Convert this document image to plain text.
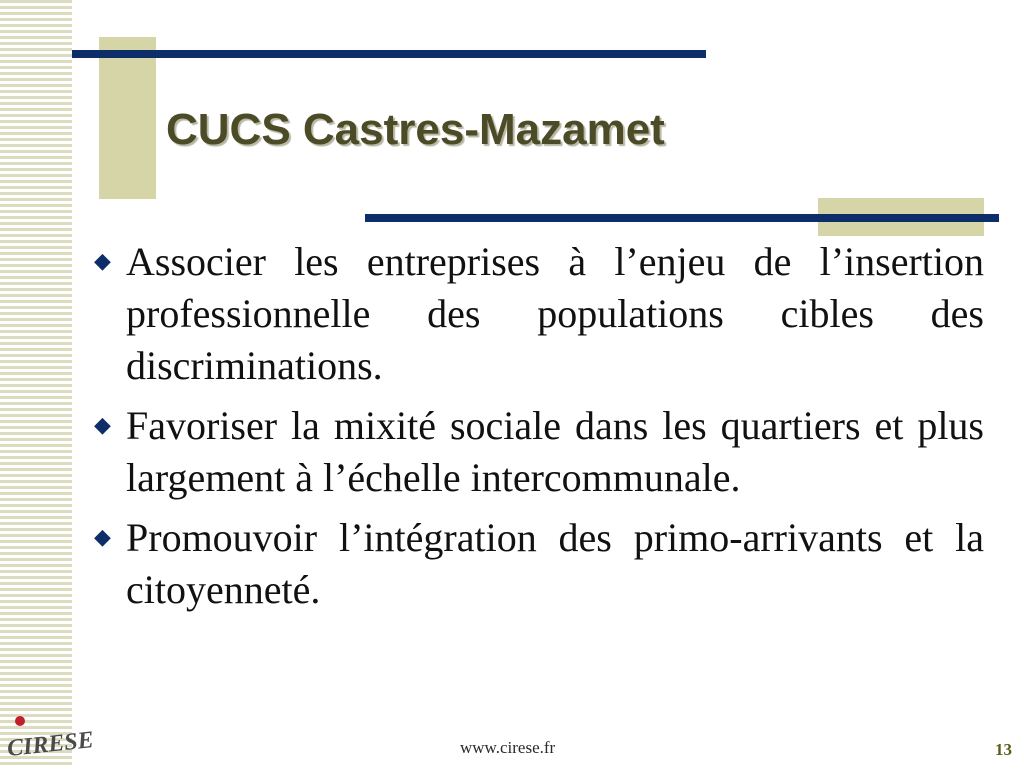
CUCS Castres-Mazamet
◆ Associer les entreprises à l’enjeu de l’insertion professionnelle des populations cibles des discriminations.
◆ Favoriser la mixité sociale dans les quartiers et plus largement à l’échelle intercommunale.
◆ Promouvoir l’intégration des primo-arrivants et la citoyenneté.
CIRESE	www.cirese.fr	13
